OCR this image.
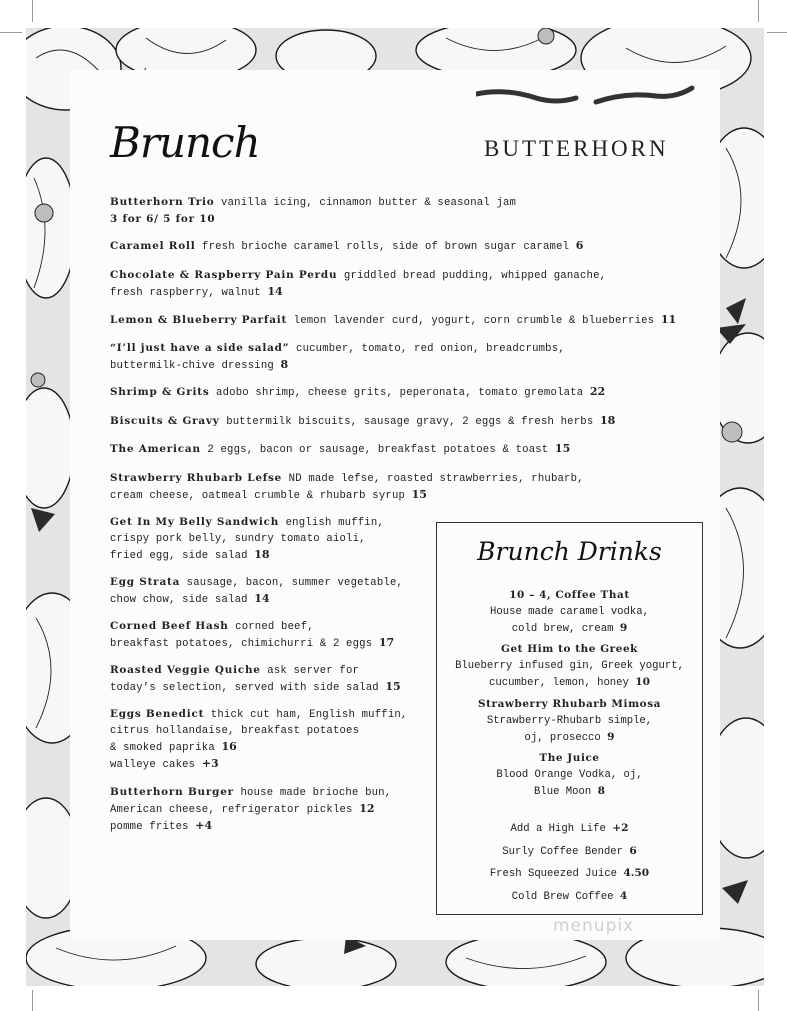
Brunch	BUTTERHORN
Butterhorn Trio vanilla icing, cinnamon butter & seasonal jam
3 for 6/ 5 for 10
Caramel Roll fresh brioche caramel rolls, side of brown sugar caramel 6
Chocolate & Raspberry Pain Perdu griddled bread pudding, whipped ganache,
fresh raspberry, walnut 14
Lemon & Blueberry Parfait lemon lavender curd, yogurt, corn crumble & blueberries 11
“I’ll just have a side salad” cucumber, tomato, red onion, breadcrumbs,
buttermilk-chive dressing 8
Shrimp & Grits adobo shrimp, cheese grits, peperonata, tomato gremolata 22
Biscuits & Gravy buttermilk biscuits, sausage gravy, 2 eggs & fresh herbs 18
The American 2 eggs, bacon or sausage, breakfast potatoes & toast 15
Strawberry Rhubarb Lefse ND made lefse, roasted strawberries, rhubarb,
cream cheese, oatmeal crumble & rhubarb syrup 15
Get In My Belly Sandwich english muffin,
crispy pork belly, sundry tomato aioli,
fried egg, side salad 18
Egg Strata sausage, bacon, summer vegetable,
chow chow, side salad 14
Corned Beef Hash corned beef,
breakfast potatoes, chimichurri & 2 eggs 17
Roasted Veggie Quiche ask server for
today’s selection, served with side salad 15
Eggs Benedict thick cut ham, English muffin,
citrus hollandaise, breakfast potatoes
& smoked paprika 16
walleye cakes +3
Butterhorn Burger house made brioche bun,
American cheese, refrigerator pickles 12
pomme frites +4
Brunch Drinks
10 – 4, Coffee That
House made caramel vodka,
cold brew, cream 9
Get Him to the Greek
Blueberry infused gin, Greek yogurt,
cucumber, lemon, honey 10
Strawberry Rhubarb Mimosa
Strawberry-Rhubarb simple,
oj, prosecco 9
The Juice
Blood Orange Vodka, oj,
Blue Moon 8
Add a High Life +2
Surly Coffee Bender 6
Fresh Squeezed Juice 4.50
Cold Brew Coffee 4
menupix
